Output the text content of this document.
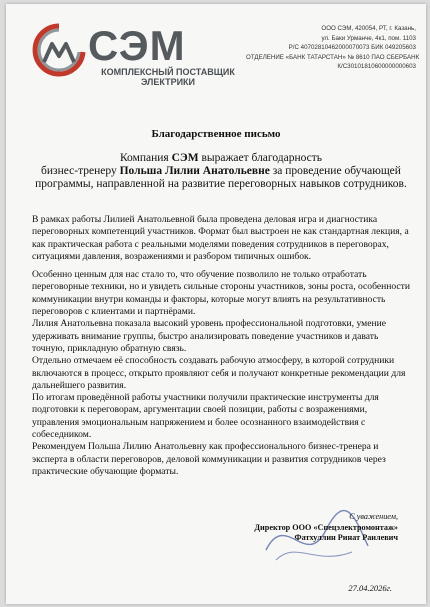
СЭМ
КОМПЛЕКСНЫЙ ПОСТАВЩИК ЭЛЕКТРИКИ
ООО СЭМ, 420054, РТ, г. Казань,
ул. Баки Урманче, 4к1, пом. 1103
Р/С 40702810462000070073 БИК 049205603
ОТДЕЛЕНИЕ «БАНК ТАТАРСТАН» № 8610 ПАО СБЕРБАНК
К/С30101810600000000603
Благодарственное письмо
Компания СЭМ выражает благодарность
бизнес-тренеру Польша Лилии Анатольевне за проведение обучающей программы, направленной на развитие переговорных навыков сотрудников.

В рамках работы Лилией Анатольевной была проведена деловая игра и диагностика переговорных компетенций участников. Формат был выстроен не как стандартная лекция, а как практическая работа с реальными моделями поведения сотрудников в переговорах, ситуациями давления, возражениями и разбором типичных ошибок.

Особенно ценным для нас стало то, что обучение позволило не только отработать переговорные техники, но и увидеть сильные стороны участников, зоны роста, особенности коммуникации внутри команды и факторы, которые могут влиять на результативность переговоров с клиентами и партнёрами.

Лилия Анатольевна показала высокий уровень профессиональной подготовки, умение удерживать внимание группы, быстро анализировать поведение участников и давать точную, прикладную обратную связь.

Отдельно отмечаем её способность создавать рабочую атмосферу, в которой сотрудники включаются в процесс, открыто проявляют себя и получают конкретные рекомендации для дальнейшего развития.

По итогам проведённой работы участники получили практические инструменты для подготовки к переговорам, аргументации своей позиции, работы с возражениями, управления эмоциональным напряжением и более осознанного взаимодействия с собеседником.

Рекомендуем Польша Лилию Анатольевну как профессионального бизнес-тренера и эксперта в области переговоров, деловой коммуникации и развития сотрудников через практические обучающие форматы.

С уважением,
Директор ООО «Спецэлектромонтаж»
Фатхуллин Ринат Раилевич
27.04.2026г.
